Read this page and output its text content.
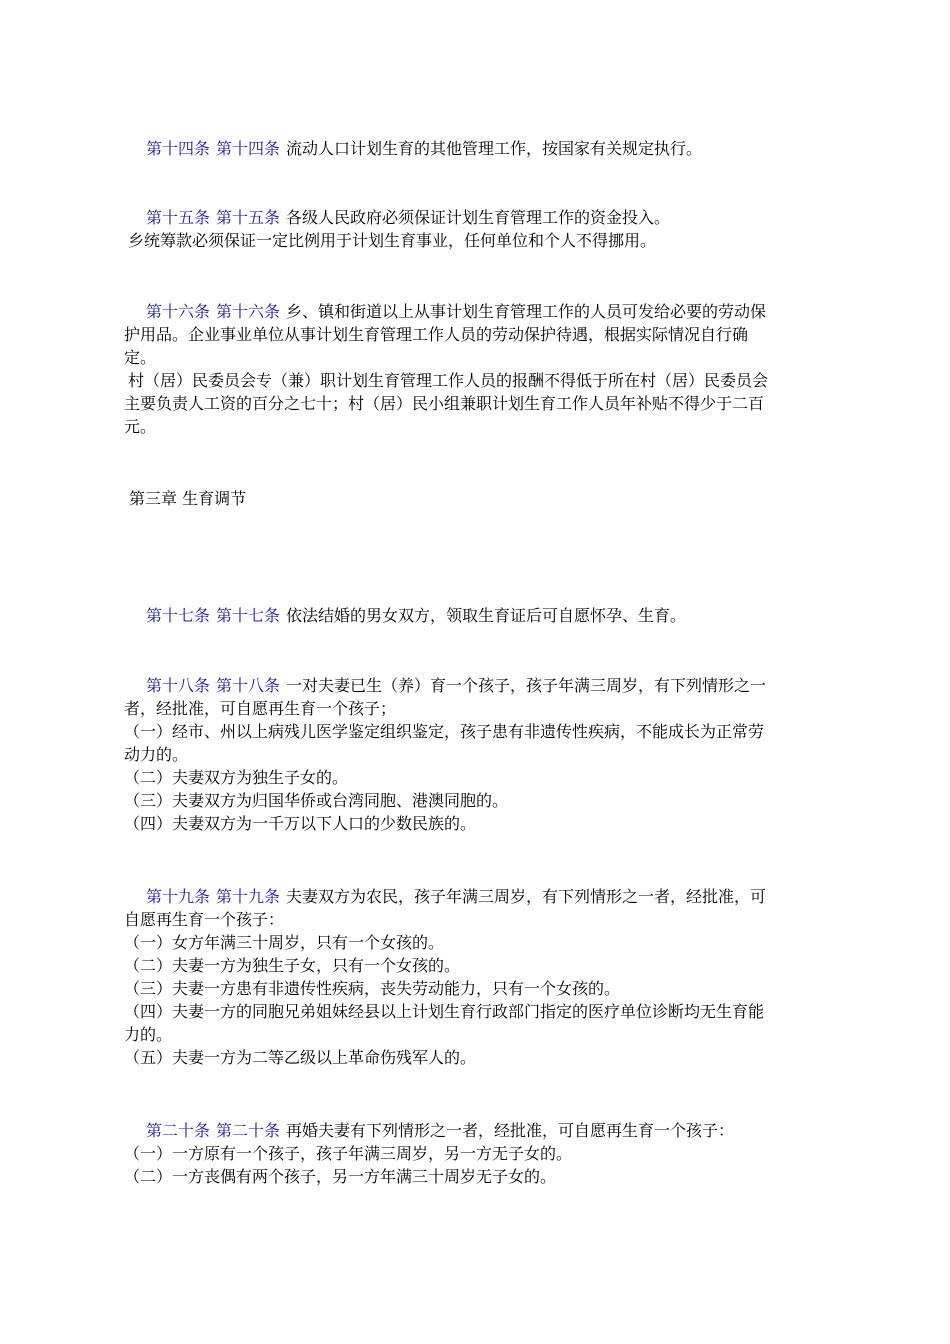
第十四条 第十四条 流动人口计划生育的其他管理工作，按国家有关规定执行。
第十五条 第十五条 各级人民政府必须保证计划生育管理工作的资金投入。
乡统筹款必须保证一定比例用于计划生育事业，任何单位和个人不得挪用。
第十六条 第十六条 乡、镇和街道以上从事计划生育管理工作的人员可发给必要的劳动保
护用品。企业事业单位从事计划生育管理工作人员的劳动保护待遇，根据实际情况自行确
定。
村（居）民委员会专（兼）职计划生育管理工作人员的报酬不得低于所在村（居）民委员会
主要负责人工资的百分之七十；村（居）民小组兼职计划生育工作人员年补贴不得少于二百
元。
第三章 生育调节
第十七条 第十七条 依法结婚的男女双方，领取生育证后可自愿怀孕、生育。
第十八条 第十八条 一对夫妻已生（养）育一个孩子，孩子年满三周岁，有下列情形之一
者，经批准，可自愿再生育一个孩子；
（一）经市、州以上病残儿医学鉴定组织鉴定，孩子患有非遗传性疾病，不能成长为正常劳
动力的。
（二）夫妻双方为独生子女的。
（三）夫妻双方为归国华侨或台湾同胞、港澳同胞的。
（四）夫妻双方为一千万以下人口的少数民族的。
第十九条 第十九条 夫妻双方为农民，孩子年满三周岁，有下列情形之一者，经批准，可
自愿再生育一个孩子：
（一）女方年满三十周岁，只有一个女孩的。
（二）夫妻一方为独生子女，只有一个女孩的。
（三）夫妻一方患有非遗传性疾病，丧失劳动能力，只有一个女孩的。
（四）夫妻一方的同胞兄弟姐妹经县以上计划生育行政部门指定的医疗单位诊断均无生育能
力的。
（五）夫妻一方为二等乙级以上革命伤残军人的。
第二十条 第二十条 再婚夫妻有下列情形之一者，经批准，可自愿再生育一个孩子：
（一）一方原有一个孩子，孩子年满三周岁，另一方无子女的。
（二）一方丧偶有两个孩子，另一方年满三十周岁无子女的。
